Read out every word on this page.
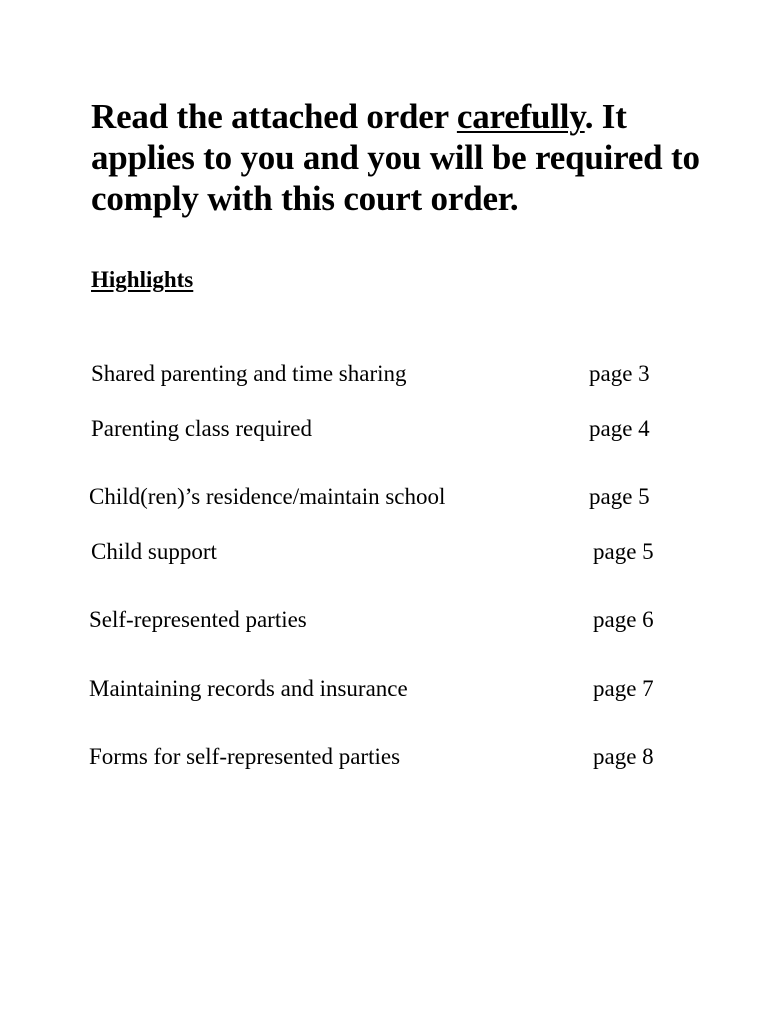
Read the attached order carefully. It applies to you and you will be required to comply with this court order.
Highlights
Shared parenting and time sharing	page 3
Parenting class required	page 4
Child(ren)’s residence/maintain school	page 5
Child support	page 5
Self-represented parties	page 6
Maintaining records and insurance	page 7
Forms for self-represented parties	page 8
